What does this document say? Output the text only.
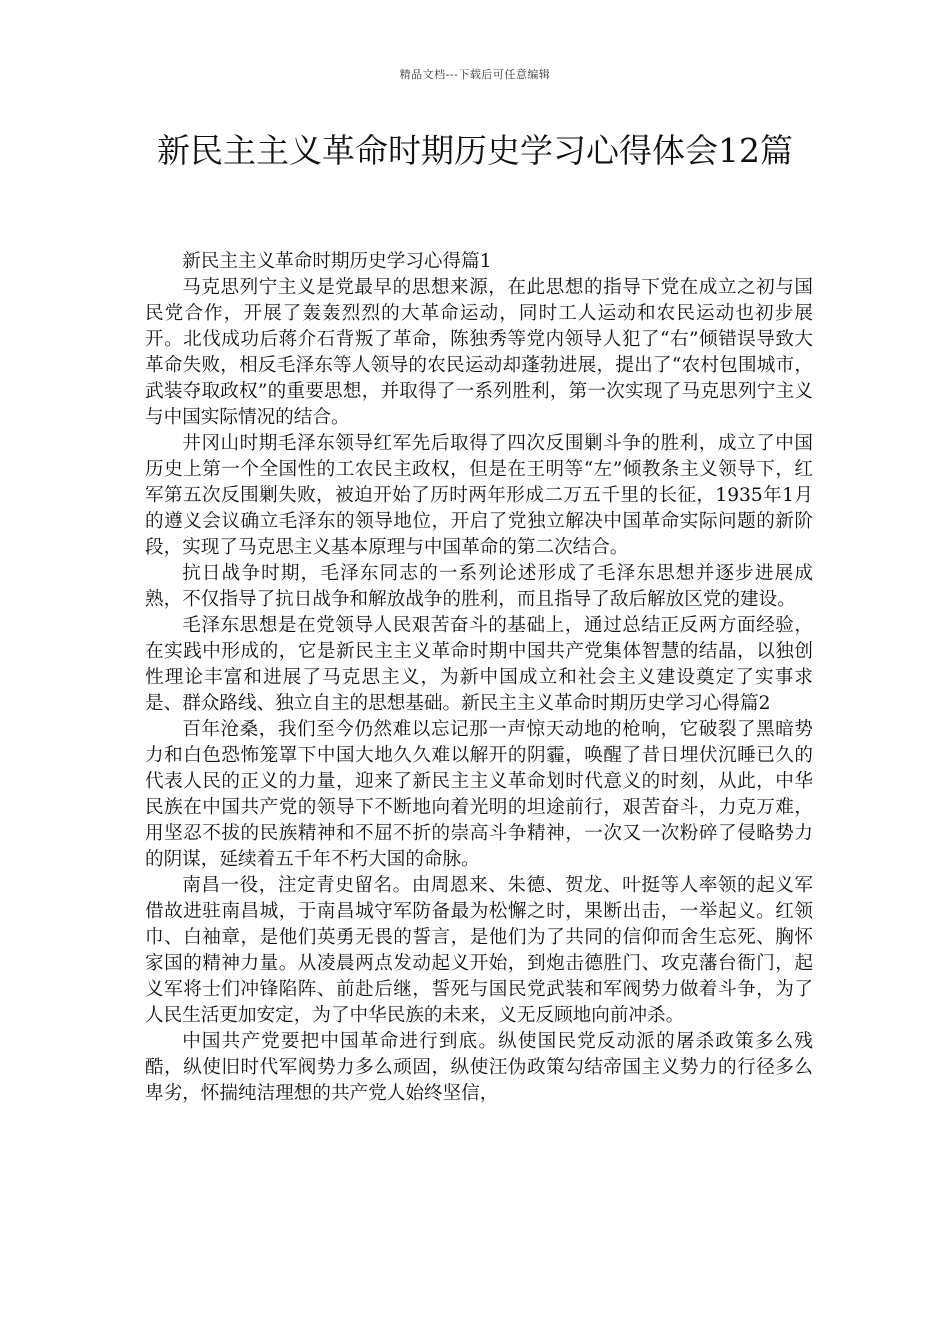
精品文档---下载后可任意编辑
新民主主义革命时期历史学习心得体会12篇

新民主主义革命时期历史学习心得篇1

马克思列宁主义是党最早的思想来源，在此思想的指导下党在成立之初与国民党合作，开展了轰轰烈烈的大革命运动，同时工人运动和农民运动也初步展开。北伐成功后蒋介石背叛了革命，陈独秀等党内领导人犯了“右”倾错误导致大革命失败，相反毛泽东等人领导的农民运动却蓬勃进展，提出了“农村包围城市，武装夺取政权”的重要思想，并取得了一系列胜利，第一次实现了马克思列宁主义与中国实际情况的结合。

井冈山时期毛泽东领导红军先后取得了四次反围剿斗争的胜利，成立了中国历史上第一个全国性的工农民主政权，但是在王明等“左”倾教条主义领导下，红军第五次反围剿失败，被迫开始了历时两年形成二万五千里的长征，1935年1月的遵义会议确立毛泽东的领导地位，开启了党独立解决中国革命实际问题的新阶段，实现了马克思主义基本原理与中国革命的第二次结合。

抗日战争时期，毛泽东同志的一系列论述形成了毛泽东思想并逐步进展成熟，不仅指导了抗日战争和解放战争的胜利，而且指导了敌后解放区党的建设。

毛泽东思想是在党领导人民艰苦奋斗的基础上，通过总结正反两方面经验，在实践中形成的，它是新民主主义革命时期中国共产党集体智慧的结晶，以独创性理论丰富和进展了马克思主义，为新中国成立和社会主义建设奠定了实事求是、群众路线、独立自主的思想基础。新民主主义革命时期历史学习心得篇2

百年沧桑，我们至今仍然难以忘记那一声惊天动地的枪响，它破裂了黑暗势力和白色恐怖笼罩下中国大地久久难以解开的阴霾，唤醒了昔日埋伏沉睡已久的代表人民的正义的力量，迎来了新民主主义革命划时代意义的时刻，从此，中华民族在中国共产党的领导下不断地向着光明的坦途前行，艰苦奋斗，力克万难，用坚忍不拔的民族精神和不屈不折的崇高斗争精神，一次又一次粉碎了侵略势力的阴谋，延续着五千年不朽大国的命脉。

南昌一役，注定青史留名。由周恩来、朱德、贺龙、叶挺等人率领的起义军借故进驻南昌城，于南昌城守军防备最为松懈之时，果断出击，一举起义。红领巾、白袖章，是他们英勇无畏的誓言，是他们为了共同的信仰而舍生忘死、胸怀家国的精神力量。从凌晨两点发动起义开始，到炮击德胜门、攻克藩台衙门，起义军将士们冲锋陷阵、前赴后继，誓死与国民党武装和军阀势力做着斗争，为了人民生活更加安定，为了中华民族的未来，义无反顾地向前冲杀。

中国共产党要把中国革命进行到底。纵使国民党反动派的屠杀政策多么残酷，纵使旧时代军阀势力多么顽固，纵使汪伪政策勾结帝国主义势力的行径多么卑劣，怀揣纯洁理想的共产党人始终坚信，
